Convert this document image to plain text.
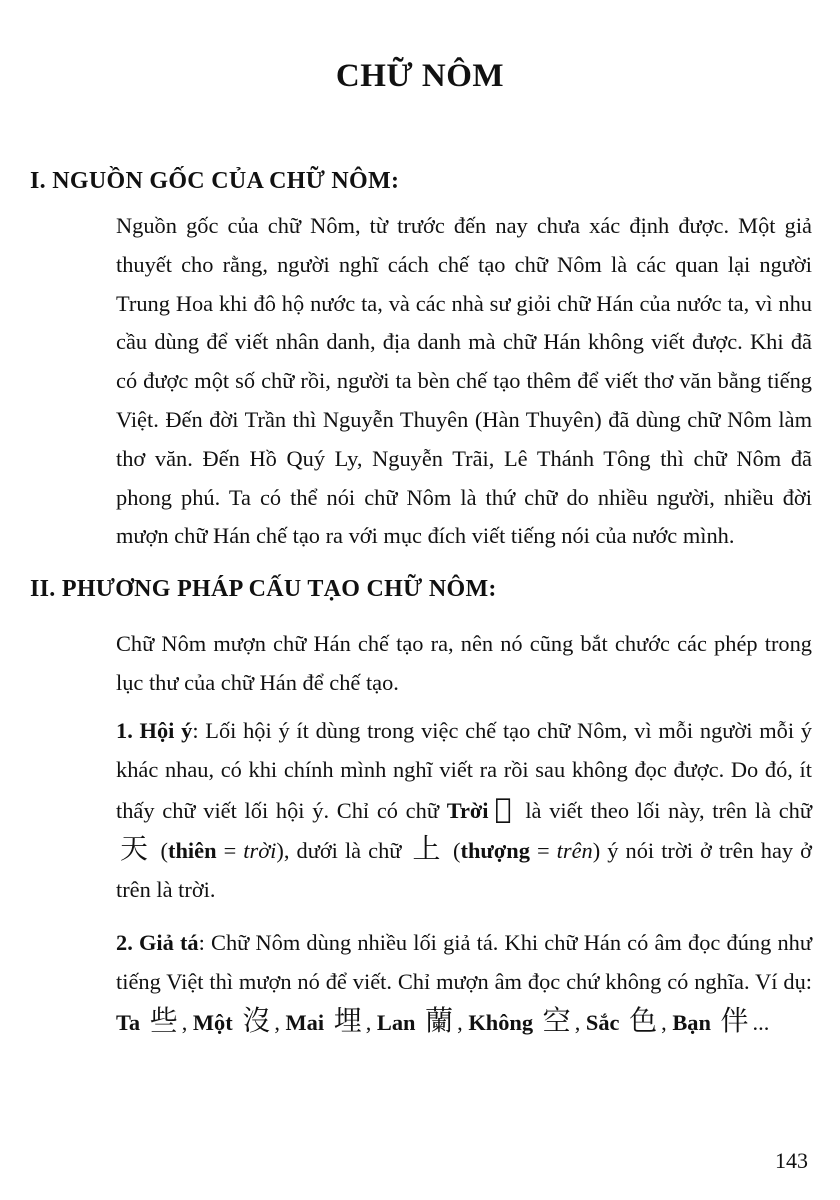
CHỮ NÔM
I. NGUỒN GỐC CỦA CHỮ NÔM:

Nguồn gốc của chữ Nôm, từ trước đến nay chưa xác định được. Một giả thuyết cho rằng, người nghĩ cách chế tạo chữ Nôm là các quan lại người Trung Hoa khi đô hộ nước ta, và các nhà sư giỏi chữ Hán của nước ta, vì nhu cầu dùng để viết nhân danh, địa danh mà chữ Hán không viết được. Khi đã có được một số chữ rồi, người ta bèn chế tạo thêm để viết thơ văn bằng tiếng Việt. Đến đời Trần thì Nguyễn Thuyên (Hàn Thuyên) đã dùng chữ Nôm làm thơ văn. Đến Hồ Quý Ly, Nguyễn Trãi, Lê Thánh Tông thì chữ Nôm đã phong phú. Ta có thể nói chữ Nôm là thứ chữ do nhiều người, nhiều đời mượn chữ Hán chế tạo ra với mục đích viết tiếng nói của nước mình.

II. PHƯƠNG PHÁP CẤU TẠO CHỮ NÔM:

Chữ Nôm mượn chữ Hán chế tạo ra, nên nó cũng bắt chước các phép trong lục thư của chữ Hán để chế tạo.

1. Hội ý: Lối hội ý ít dùng trong việc chế tạo chữ Nôm, vì mỗi người mỗi ý khác nhau, có khi chính mình nghĩ viết ra rồi sau không đọc được. Do đó, ít thấy chữ viết lối hội ý. Chỉ có chữ Trời 𡗶 là viết theo lối này, trên là chữ 天 (thiên = trời), dưới là chữ 上 (thượng = trên) ý nói trời ở trên hay ở trên là trời.

2. Giả tá: Chữ Nôm dùng nhiều lối giả tá. Khi chữ Hán có âm đọc đúng như tiếng Việt thì mượn nó để viết. Chỉ mượn âm đọc chứ không có nghĩa. Ví dụ: Ta 些 , Một 沒 , Mai 埋 , Lan 蘭 , Không 空 , Sắc 色 , Bạn 伴 ...

143
